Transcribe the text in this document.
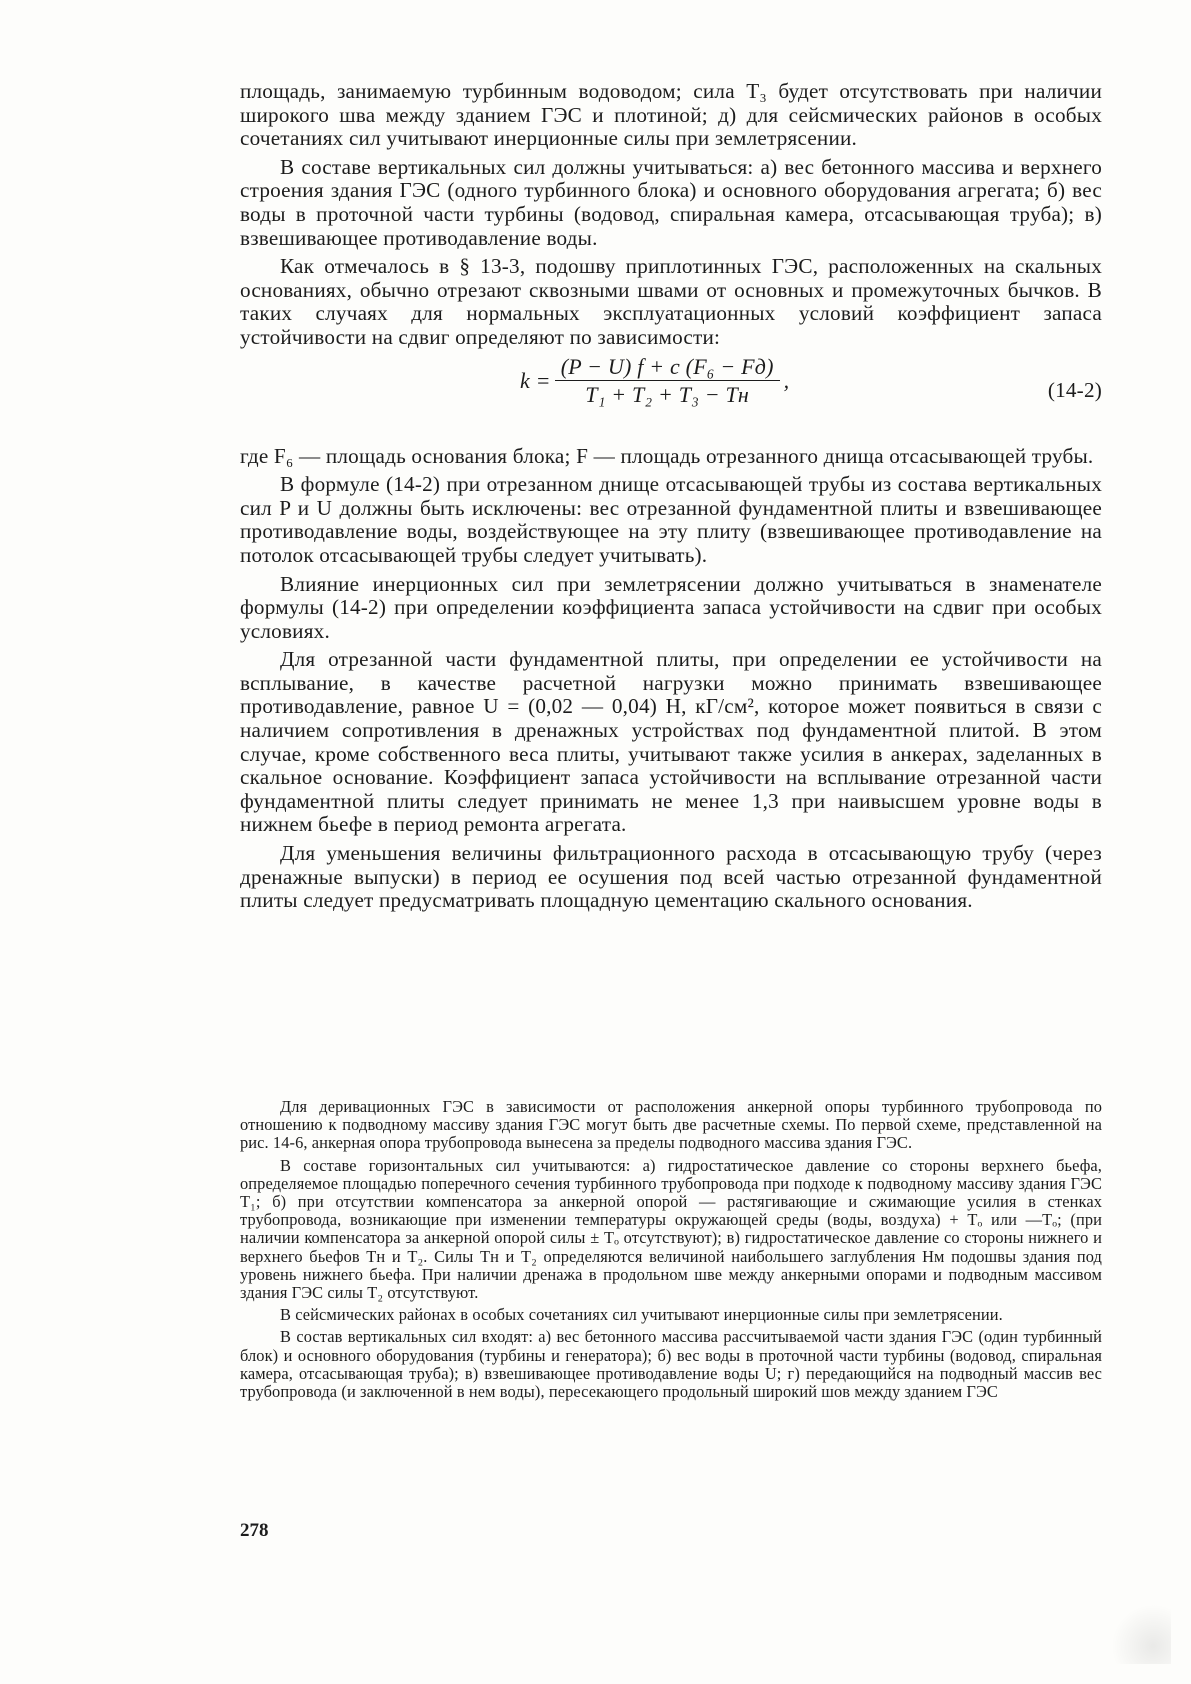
площадь, занимаемую турбинным водоводом; сила T₃ будет отсутствовать при наличии широкого шва между зданием ГЭС и плотиной; д) для сейсмических районов в особых сочетаниях сил учитывают инерционные силы при землетрясении.

В составе вертикальных сил должны учитываться: а) вес бетонного массива и верхнего строения здания ГЭС (одного турбинного блока) и основного оборудования агрегата; б) вес воды в проточной части турбины (водовод, спиральная камера, отсасывающая труба); в) взвешивающее противодавление воды.

Как отмечалось в § 13-3, подошву приплотинных ГЭС, расположенных на скальных основаниях, обычно отрезают сквозными швами от основных и промежуточных бычков. В таких случаях для нормальных эксплуатационных условий коэффициент запаса устойчивости на сдвиг определяют по зависимости:

$k = \frac{\text{(P − U) f + c (F₆ − Fд)}}{\text{T₁ + T₂ + T₃ − Tн}}$ ,	(14-2)

где F₆ — площадь основания блока; F — площадь отрезанного днища отсасывающей трубы.

В формуле (14-2) при отрезанном днище отсасывающей трубы из состава вертикальных сил P и U должны быть исключены: вес отрезанной фундаментной плиты и взвешивающее противодавление воды, воздействующее на эту плиту (взвешивающее противодавление на потолок отсасывающей трубы следует учитывать).

Влияние инерционных сил при землетрясении должно учитываться в знаменателе формулы (14-2) при определении коэффициента запаса устойчивости на сдвиг при особых условиях.

Для отрезанной части фундаментной плиты, при определении ее устойчивости на всплывание, в качестве расчетной нагрузки можно принимать взвешивающее противодавление, равное U = (0,02 — 0,04) H, кГ/см², которое может появиться в связи с наличием сопротивления в дренажных устройствах под фундаментной плитой. В этом случае, кроме собственного веса плиты, учитывают также усилия в анкерах, заделанных в скальное основание. Коэффициент запаса устойчивости на всплывание отрезанной части фундаментной плиты следует принимать не менее 1,3 при наивысшем уровне воды в нижнем бьефе в период ремонта агрегата.

Для уменьшения величины фильтрационного расхода в отсасывающую трубу (через дренажные выпуски) в период ее осушения под всей частью отрезанной фундаментной плиты следует предусматривать площадную цементацию скального основания.

Для деривационных ГЭС в зависимости от расположения анкерной опоры турбинного трубопровода по отношению к подводному массиву здания ГЭС могут быть две расчетные схемы. По первой схеме, представленной на рис. 14-6, анкерная опора трубопровода вынесена за пределы подводного массива здания ГЭС.

В составе горизонтальных сил учитываются: а) гидростатическое давление со стороны верхнего бьефа, определяемое площадью поперечного сечения турбинного трубопровода при подходе к подводному массиву здания ГЭС T₁; б) при отсутствии компенсатора за анкерной опорой — растягивающие и сжимающие усилия в стенках трубопровода, возникающие при изменении температуры окружающей среды (воды, воздуха) + Tₒ или —Tₒ; (при наличии компенсатора за анкерной опорой силы ± Tₒ отсутствуют); в) гидростатическое давление со стороны нижнего и верхнего бьефов Tн и T₂. Силы Tн и T₂ определяются величиной наибольшего заглубления Hм подошвы здания под уровень нижнего бьефа. При наличии дренажа в продольном шве между анкерными опорами и подводным массивом здания ГЭС силы T₂ отсутствуют.

В сейсмических районах в особых сочетаниях сил учитывают инерционные силы при землетрясении.

В состав вертикальных сил входят: а) вес бетонного массива рассчитываемой части здания ГЭС (один турбинный блок) и основного оборудования (турбины и генератора); б) вес воды в проточной части турбины (водовод, спиральная камера, отсасывающая труба); в) взвешивающее противодавление воды U; г) передающийся на подводный массив вес трубопровода (и заключенной в нем воды), пересекающего продольный широкий шов между зданием ГЭС

278
